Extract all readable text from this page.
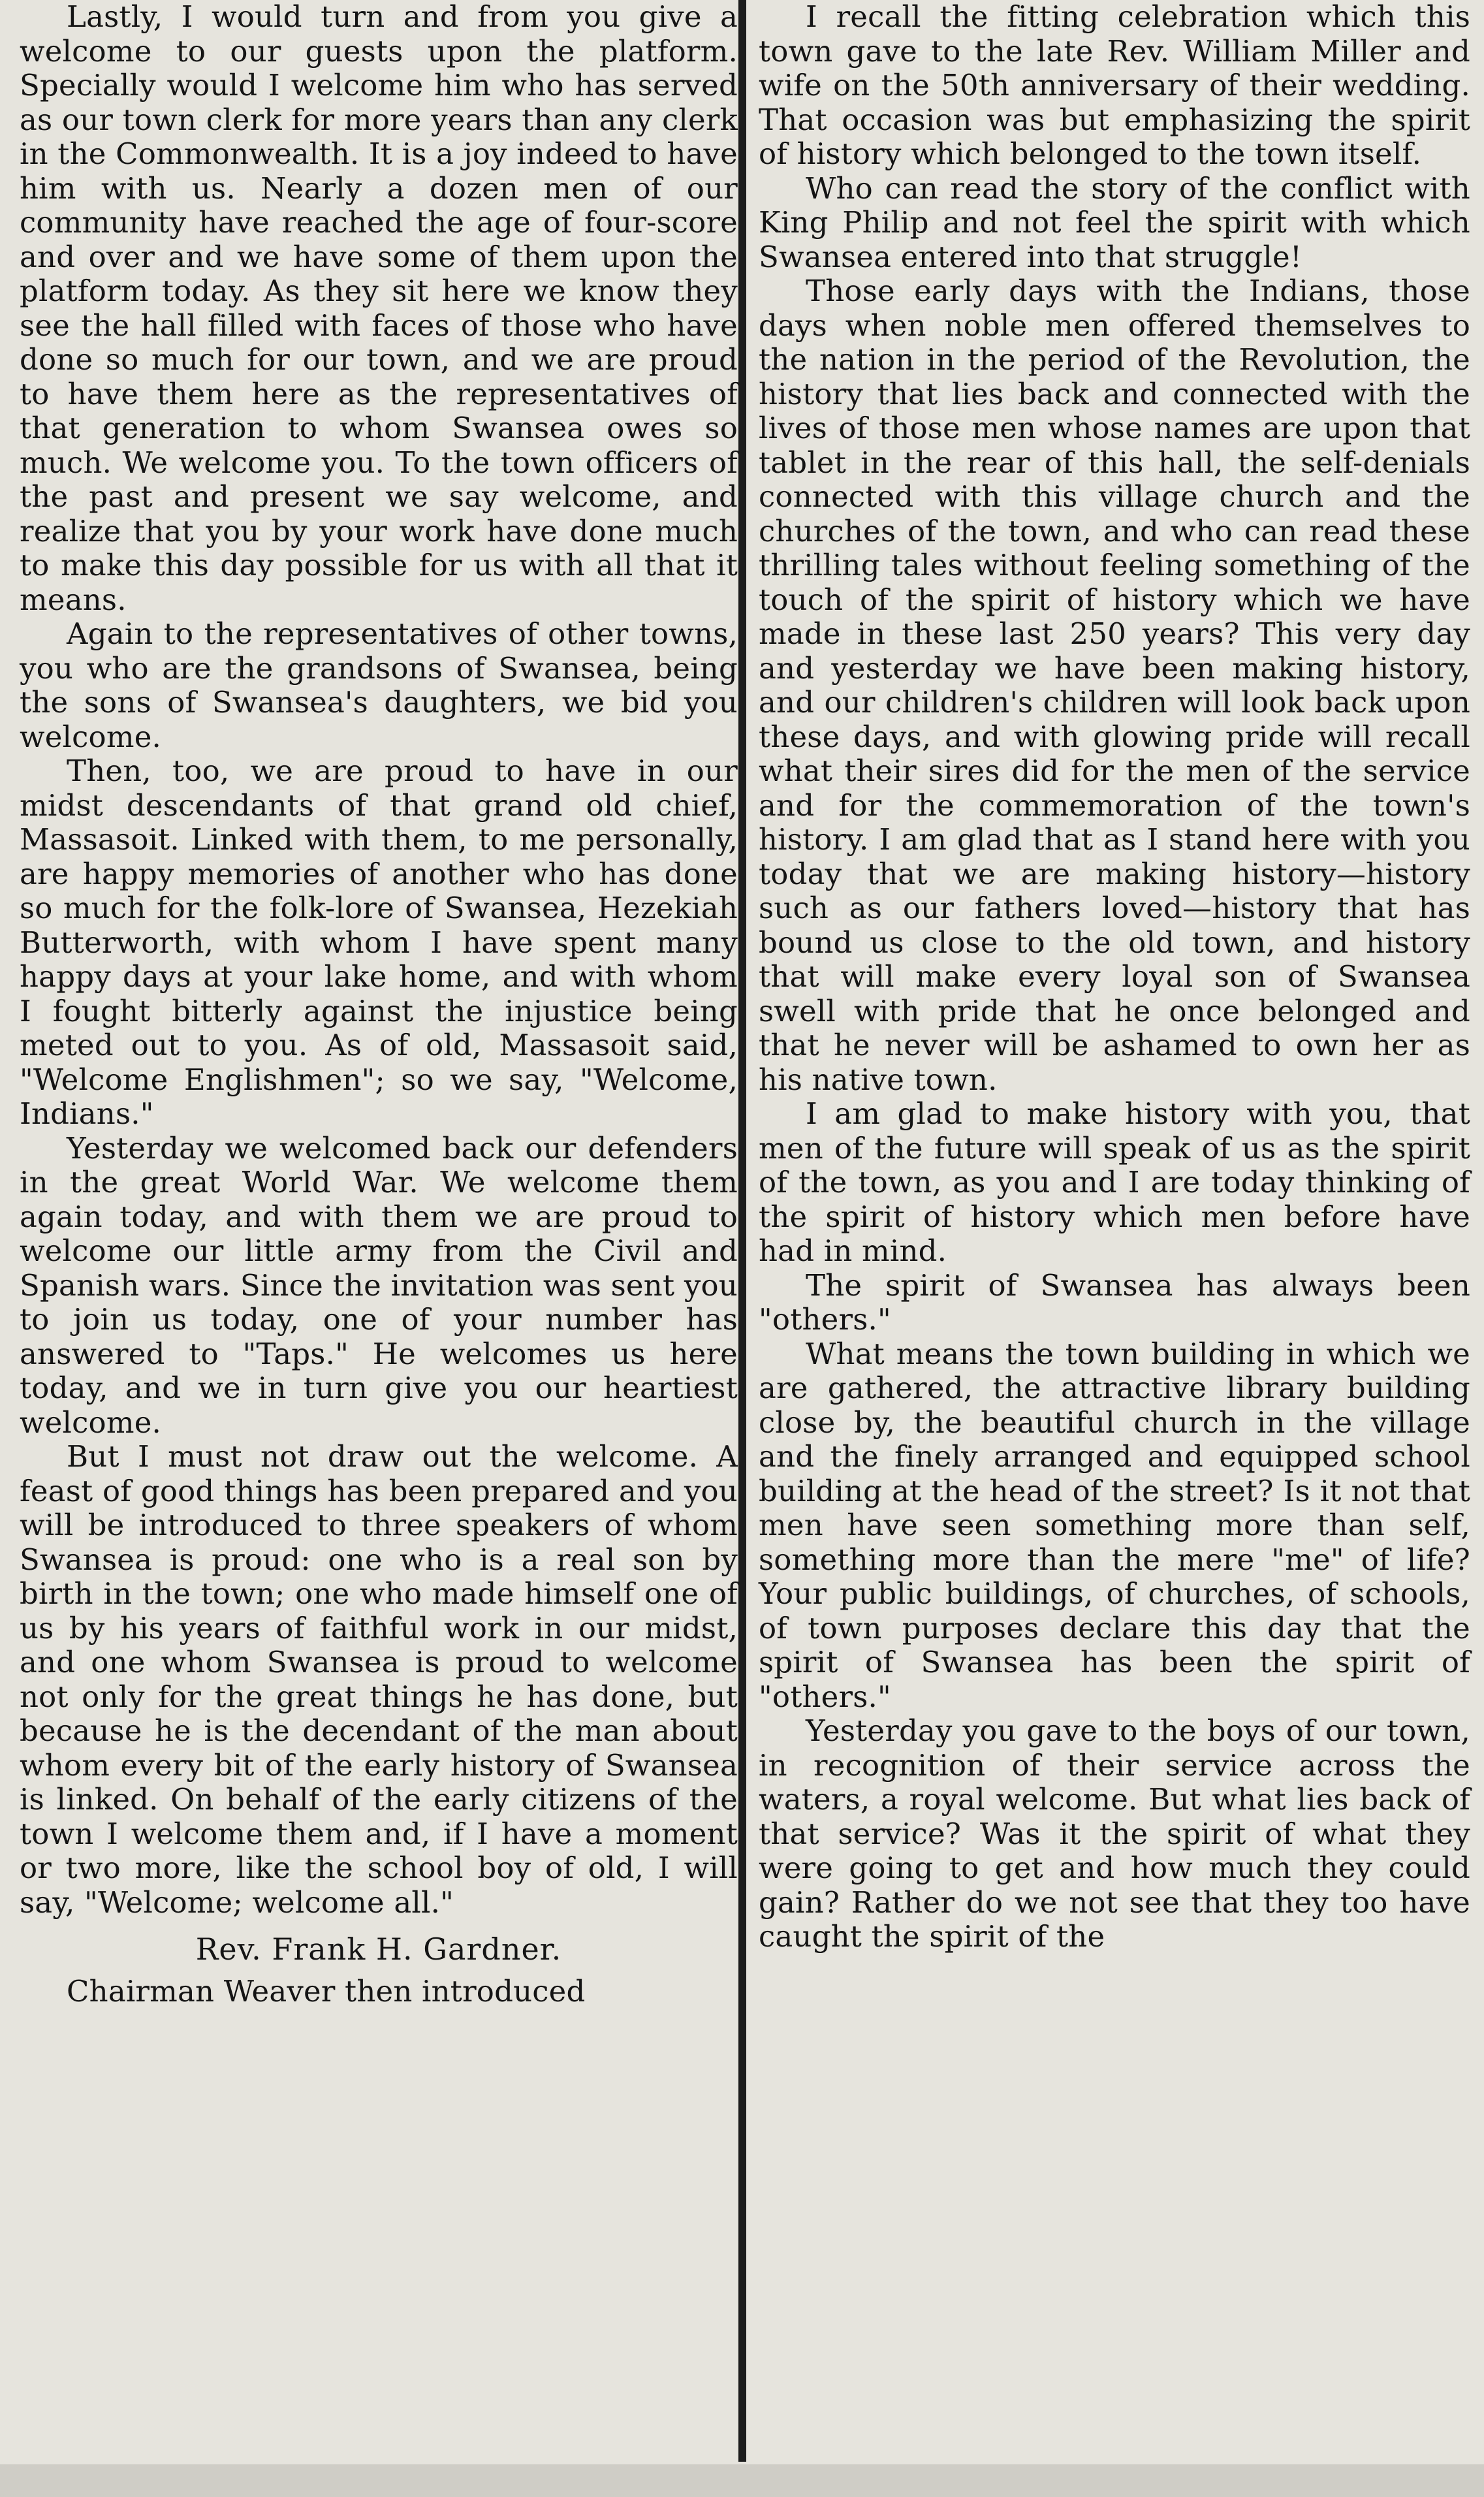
Lastly, I would turn and from you give a welcome to our guests upon the platform. Specially would I welcome him who has served as our town clerk for more years than any clerk in the Commonwealth. It is a joy indeed to have him with us. Nearly a dozen men of our community have reached the age of four-score and over and we have some of them upon the platform today. As they sit here we know they see the hall filled with faces of those who have done so much for our town, and we are proud to have them here as the representatives of that generation to whom Swansea owes so much. We welcome you. To the town officers of the past and present we say welcome, and realize that you by your work have done much to make this day possible for us with all that it means.

Again to the representatives of other towns, you who are the grandsons of Swansea, being the sons of Swansea's daughters, we bid you welcome.

Then, too, we are proud to have in our midst descendants of that grand old chief, Massasoit. Linked with them, to me personally, are happy memories of another who has done so much for the folk-lore of Swansea, Hezekiah Butterworth, with whom I have spent many happy days at your lake home, and with whom I fought bitterly against the injustice being meted out to you. As of old, Massasoit said, "Welcome Englishmen"; so we say, "Welcome, Indians."

Yesterday we welcomed back our defenders in the great World War. We welcome them again today, and with them we are proud to welcome our little army from the Civil and Spanish wars. Since the invitation was sent you to join us today, one of your number has answered to "Taps." He welcomes us here today, and we in turn give you our heartiest welcome.

But I must not draw out the welcome. A feast of good things has been prepared and you will be introduced to three speakers of whom Swansea is proud: one who is a real son by birth in the town; one who made himself one of us by his years of faithful work in our midst, and one whom Swansea is proud to welcome not only for the great things he has done, but because he is the decendant of the man about whom every bit of the early history of Swansea is linked. On behalf of the early citizens of the town I welcome them and, if I have a moment or two more, like the school boy of old, I will say, "Welcome; welcome all."

Rev. Frank H. Gardner.

Chairman Weaver then introduced

I recall the fitting celebration which this town gave to the late Rev. William Miller and wife on the 50th anniversary of their wedding. That occasion was but emphasizing the spirit of history which belonged to the town itself.

Who can read the story of the conflict with King Philip and not feel the spirit with which Swansea entered into that struggle!

Those early days with the Indians, those days when noble men offered themselves to the nation in the period of the Revolution, the history that lies back and connected with the lives of those men whose names are upon that tablet in the rear of this hall, the self-denials connected with this village church and the churches of the town, and who can read these thrilling tales without feeling something of the touch of the spirit of history which we have made in these last 250 years? This very day and yesterday we have been making history, and our children's children will look back upon these days, and with glowing pride will recall what their sires did for the men of the service and for the commemoration of the town's history. I am glad that as I stand here with you today that we are making history—history such as our fathers loved—history that has bound us close to the old town, and history that will make every loyal son of Swansea swell with pride that he once belonged and that he never will be ashamed to own her as his native town.

I am glad to make history with you, that men of the future will speak of us as the spirit of the town, as you and I are today thinking of the spirit of history which men before have had in mind.

The spirit of Swansea has always been "others."

What means the town building in which we are gathered, the attractive library building close by, the beautiful church in the village and the finely arranged and equipped school building at the head of the street? Is it not that men have seen something more than self, something more than the mere "me" of life? Your public buildings, of churches, of schools, of town purposes declare this day that the spirit of Swansea has been the spirit of "others."

Yesterday you gave to the boys of our town, in recognition of their service across the waters, a royal welcome. But what lies back of that service? Was it the spirit of what they were going to get and how much they could gain? Rather do we not see that they too have caught the spirit of the
